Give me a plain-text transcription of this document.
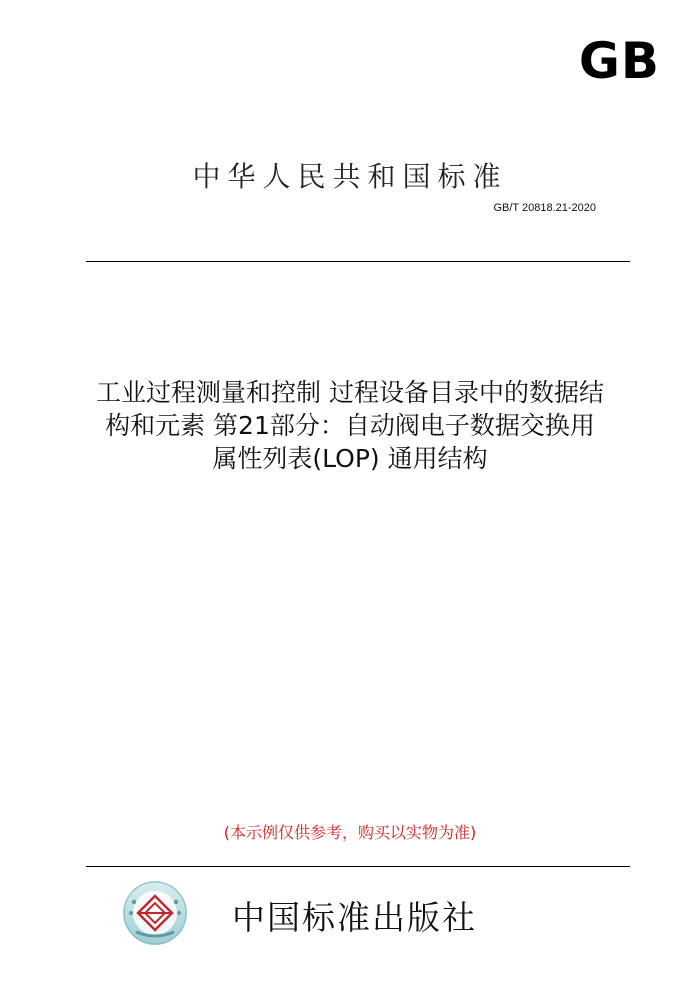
GB
中华人民共和国标准
GB/T 20818.21-2020
工业过程测量和控制 过程设备目录中的数据结
构和元素 第21部分：自动阀电子数据交换用
属性列表(LOP) 通用结构
(本示例仅供参考，购买以实物为准)
中国标准出版社
